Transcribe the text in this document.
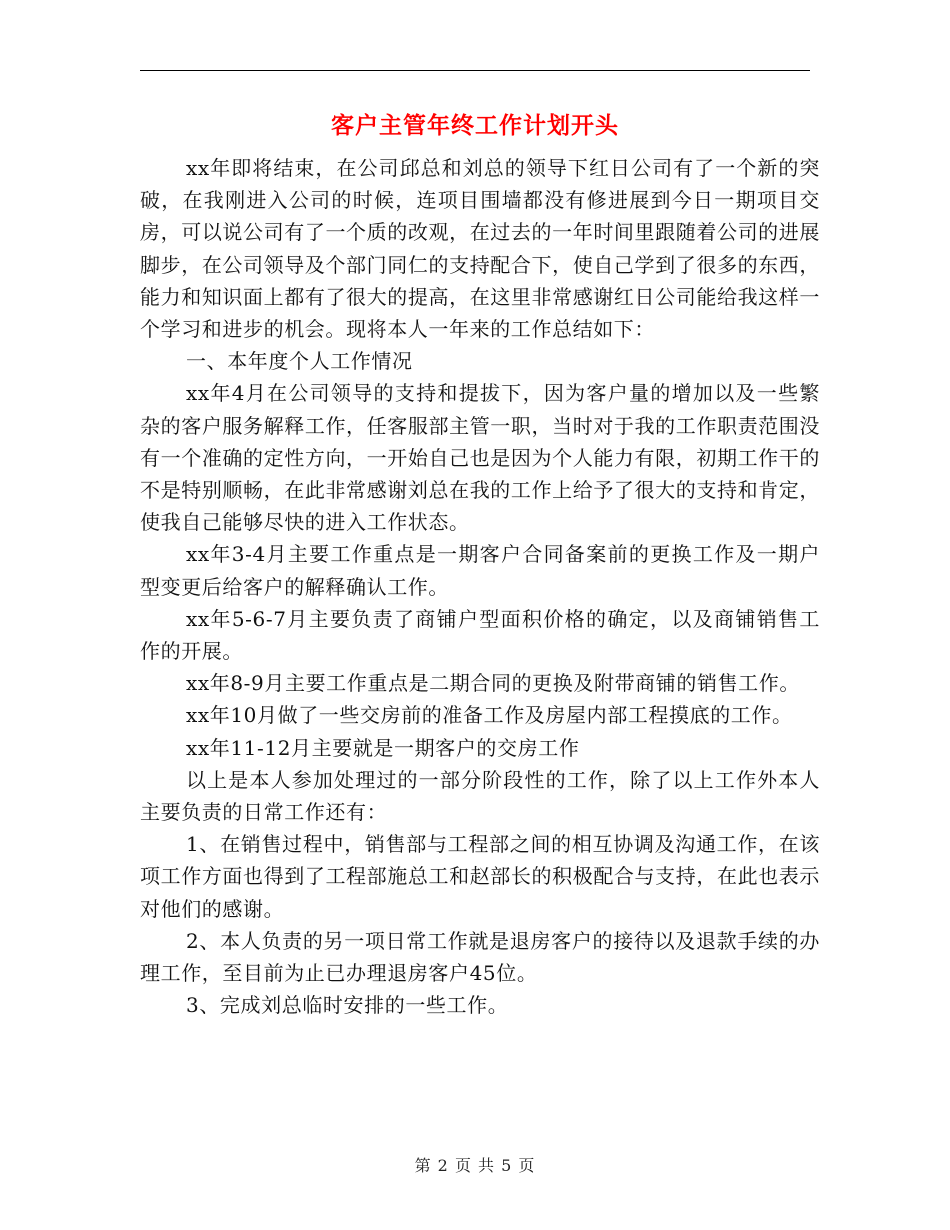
客户主管年终工作计划开头

xx年即将结束，在公司邱总和刘总的领导下红日公司有了一个新的突破，在我刚进入公司的时候，连项目围墙都没有修进展到今日一期项目交房，可以说公司有了一个质的改观，在过去的一年时间里跟随着公司的进展脚步，在公司领导及个部门同仁的支持配合下，使自己学到了很多的东西，能力和知识面上都有了很大的提高，在这里非常感谢红日公司能给我这样一个学习和进步的机会。现将本人一年来的工作总结如下：

一、本年度个人工作情况

xx年4月在公司领导的支持和提拔下，因为客户量的增加以及一些繁杂的客户服务解释工作，任客服部主管一职，当时对于我的工作职责范围没有一个准确的定性方向，一开始自己也是因为个人能力有限，初期工作干的不是特别顺畅，在此非常感谢刘总在我的工作上给予了很大的支持和肯定，使我自己能够尽快的进入工作状态。

xx年3-4月主要工作重点是一期客户合同备案前的更换工作及一期户型变更后给客户的解释确认工作。

xx年5-6-7月主要负责了商铺户型面积价格的确定，以及商铺销售工作的开展。

xx年8-9月主要工作重点是二期合同的更换及附带商铺的销售工作。

xx年10月做了一些交房前的准备工作及房屋内部工程摸底的工作。

xx年11-12月主要就是一期客户的交房工作

以上是本人参加处理过的一部分阶段性的工作，除了以上工作外本人主要负责的日常工作还有：

1、在销售过程中，销售部与工程部之间的相互协调及沟通工作，在该项工作方面也得到了工程部施总工和赵部长的积极配合与支持，在此也表示对他们的感谢。

2、本人负责的另一项日常工作就是退房客户的接待以及退款手续的办理工作，至目前为止已办理退房客户45位。

3、完成刘总临时安排的一些工作。

第 2 页 共 5 页
